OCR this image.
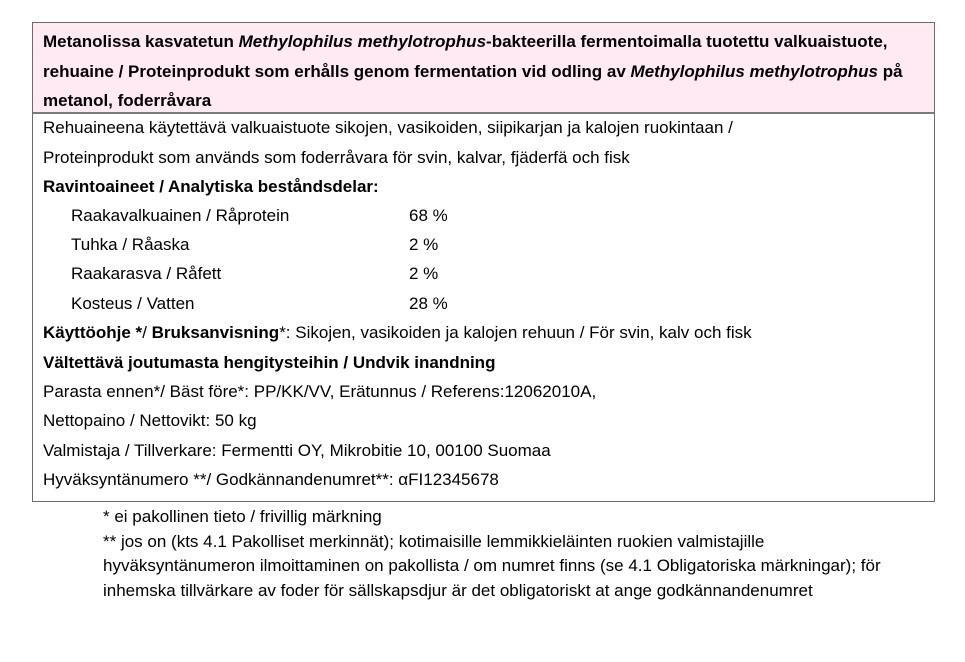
Metanolissa kasvatetun Methylophilus methylotrophus-bakteerilla fermentoimalla tuotettu valkuaistuote, rehuaine / Proteinprodukt som erhålls genom fermentation vid odling av Methylophilus methylotrophus på metanol, foderråvara
Rehuaineena käytettävä valkuaistuote sikojen, vasikoiden, siipikarjan ja kalojen ruokintaan /
Proteinprodukt som används som foderråvara för svin, kalvar, fjäderfä och fisk
Ravintoaineet / Analytiska beståndsdelar:
Raakavalkuainen / Råprotein	68 %
Tuhka / Råaska	2 %
Raakarasva / Råfett	2 %
Kosteus / Vatten	28 %
Käyttöohje */ Bruksanvisning*: Sikojen, vasikoiden ja kalojen rehuun / För svin, kalv och fisk
Vältettävä joutumasta hengitysteihin / Undvik inandning
Parasta ennen*/ Bäst före*: PP/KK/VV, Erätunnus / Referens:12062010A,
Nettopaino / Nettovikt: 50 kg
Valmistaja / Tillverkare: Fermentti OY, Mikrobitie 10, 00100 Suomaa
Hyväksyntänumero **/ Godkännandenumret**: αFI12345678
* ei pakollinen tieto / frivillig märkning
** jos on (kts 4.1 Pakolliset merkinnät); kotimaisille lemmikkieläinten ruokien valmistajille hyväksyntänumeron ilmoittaminen on pakollista / om numret finns (se 4.1 Obligatoriska märkningar); för inhemska tillvärkare av foder för sällskapsdjur är det obligatoriskt at ange godkännandenumret
